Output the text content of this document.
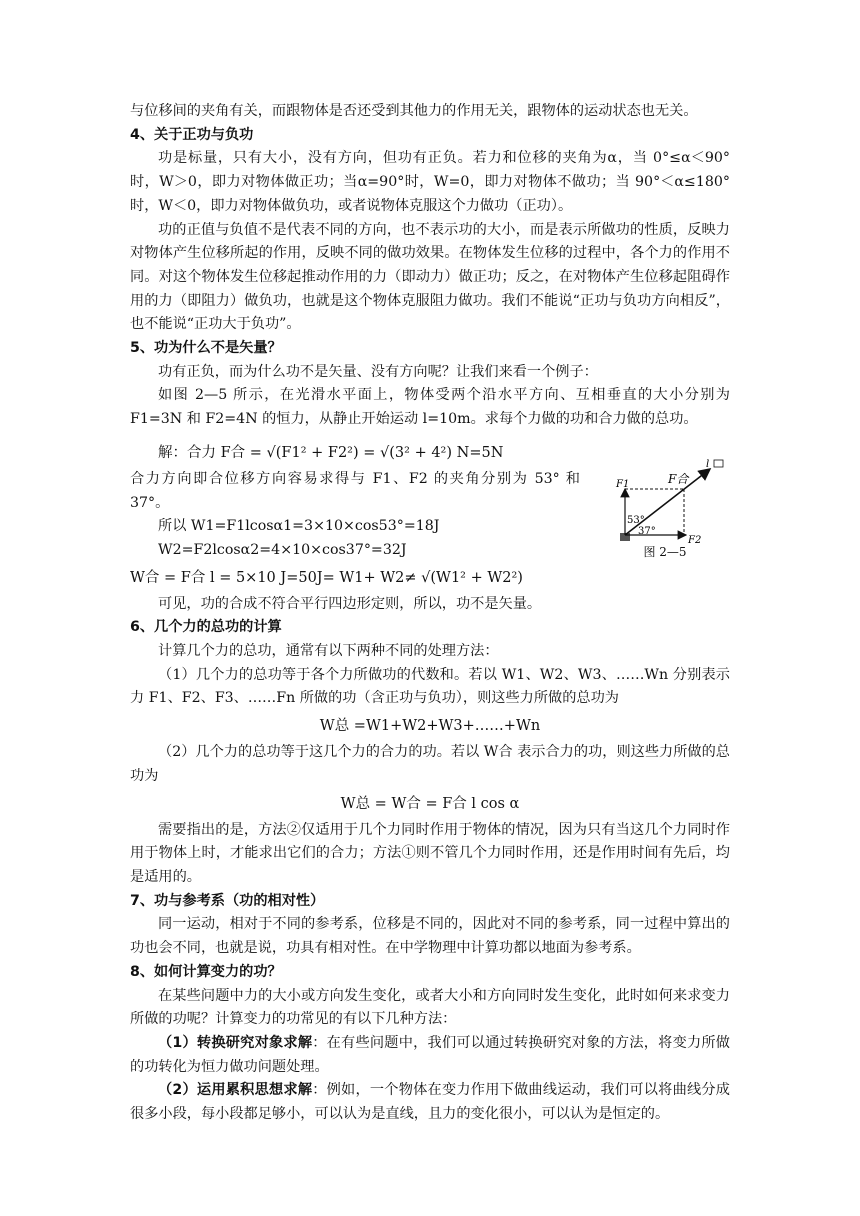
与位移间的夹角有关，而跟物体是否还受到其他力的作用无关，跟物体的运动状态也无关。

4、关于正功与负功

功是标量，只有大小，没有方向，但功有正负。若力和位移的夹角为α，当 0°≤α＜90°时，W＞0，即力对物体做正功；当α=90°时，W=0，即力对物体不做功；当 90°＜α≤180°时，W＜0，即力对物体做负功，或者说物体克服这个力做功（正功）。

功的正值与负值不是代表不同的方向，也不表示功的大小，而是表示所做功的性质，反映力对物体产生位移所起的作用，反映不同的做功效果。在物体发生位移的过程中，各个力的作用不同。对这个物体发生位移起推动作用的力（即动力）做正功；反之，在对物体产生位移起阻碍作用的力（即阻力）做负功，也就是这个物体克服阻力做功。我们不能说“正功与负功方向相反”，也不能说“正功大于负功”。

5、功为什么不是矢量？

功有正负，而为什么功不是矢量、没有方向呢？让我们来看一个例子：

如图 2—5 所示，在光滑水平面上，物体受两个沿水平方向、互相垂直的大小分别为F1=3N 和 F2=4N 的恒力，从静止开始运动 l=10m。求每个力做的功和合力做的总功。

解：合力 F合 = √(F1² + F2²) = √(3² + 4²) N=5N

合力方向即合位移方向容易求得与 F1、F2 的夹角分别为 53° 和 37°。

所以 W1=F1lcosα1=3×10×cos53°=18J

W2=F2lcosα2=4×10×cos37°=32J

W合 = F合 l = 5×10 J=50J= W1+ W2≠ √(W1² + W2²)

可见，功的合成不符合平行四边形定则，所以，功不是矢量。

6、几个力的总功的计算

计算几个力的总功，通常有以下两种不同的处理方法：

（1）几个力的总功等于各个力所做功的代数和。若以 W1、W2、W3、……Wn 分别表示力 F1、F2、F3、……Fn 所做的功（含正功与负功），则这些力所做的总功为

W总 =W1+W2+W3+……+Wn

（2）几个力的总功等于这几个力的合力的功。若以 W合 表示合力的功，则这些力所做的总功为

W总 = W合 = F合 l cos α

需要指出的是，方法②仅适用于几个力同时作用于物体的情况，因为只有当这几个力同时作用于物体上时，才能求出它们的合力；方法①则不管几个力同时作用，还是作用时间有先后，均是适用的。

7、功与参考系（功的相对性）

同一运动，相对于不同的参考系，位移是不同的，因此对不同的参考系，同一过程中算出的功也会不同，也就是说，功具有相对性。在中学物理中计算功都以地面为参考系。

8、如何计算变力的功？

在某些问题中力的大小或方向发生变化，或者大小和方向同时发生变化，此时如何来求变力所做的功呢？计算变力的功常见的有以下几种方法：

（1）转换研究对象求解：在有些问题中，我们可以通过转换研究对象的方法，将变力所做的功转化为恒力做功问题处理。

（2）运用累积思想求解：例如，一个物体在变力作用下做曲线运动，我们可以将曲线分成很多小段，每小段都足够小，可以认为是直线，且力的变化很小，可以认为是恒定的。

l
F1
F2
F合
53°
37°
图 2—5
